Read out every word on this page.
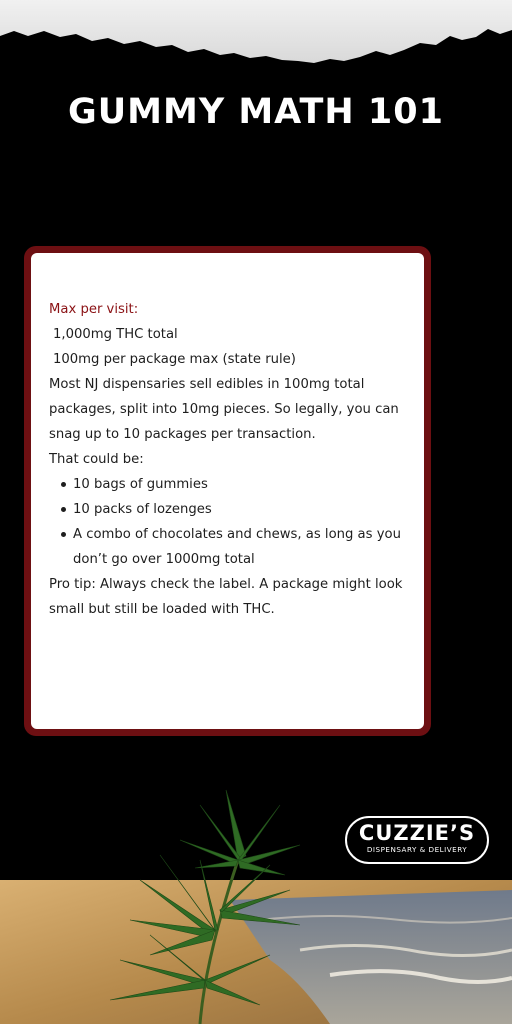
GUMMY MATH 101

Max per visit:

1,000mg THC total

100mg per package max (state rule)

Most NJ dispensaries sell edibles in 100mg total packages, split into 10mg pieces. So legally, you can snag up to 10 packages per transaction.

That could be:

10 bags of gummies
10 packs of lozenges
A combo of chocolates and chews, as long as you don’t go over 1000mg total

Pro tip: Always check the label. A package might look small but still be loaded with THC.

CUZZIE’S
DISPENSARY & DELIVERY
